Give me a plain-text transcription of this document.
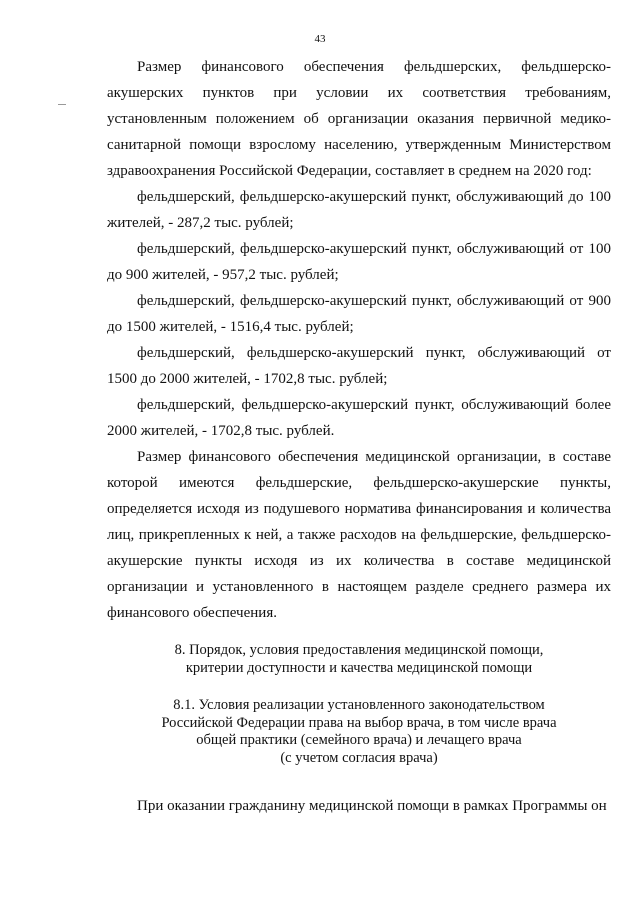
43

Размер финансового обеспечения фельдшерских, фельдшерско-акушерских пунктов при условии их соответствия требованиям, установленным положением об организации оказания первичной медико-санитарной помощи взрослому населению, утвержденным Министерством здравоохранения Российской Федерации, составляет в среднем на 2020 год:

фельдшерский, фельдшерско-акушерский пункт, обслуживающий до 100 жителей, - 287,2 тыс. рублей;

фельдшерский, фельдшерско-акушерский пункт, обслуживающий от 100 до 900 жителей, - 957,2 тыс. рублей;

фельдшерский, фельдшерско-акушерский пункт, обслуживающий от 900 до 1500 жителей, - 1516,4 тыс. рублей;

фельдшерский, фельдшерско-акушерский пункт, обслуживающий от 1500 до 2000 жителей, - 1702,8 тыс. рублей;

фельдшерский, фельдшерско-акушерский пункт, обслуживающий более 2000 жителей, - 1702,8 тыс. рублей.

Размер финансового обеспечения медицинской организации, в составе которой имеются фельдшерские, фельдшерско-акушерские пункты, определяется исходя из подушевого норматива финансирования и количества лиц, прикрепленных к ней, а также расходов на фельдшерские, фельдшерско-акушерские пункты исходя из их количества в составе медицинской организации и установленного в настоящем разделе среднего размера их финансового обеспечения.

8. Порядок, условия предоставления медицинской помощи,
критерии доступности и качества медицинской помощи
8.1. Условия реализации установленного законодательством
Российской Федерации права на выбор врача, в том числе врача
общей практики (семейного врача) и лечащего врача
(с учетом согласия врача)

При оказании гражданину медицинской помощи в рамках Программы он
